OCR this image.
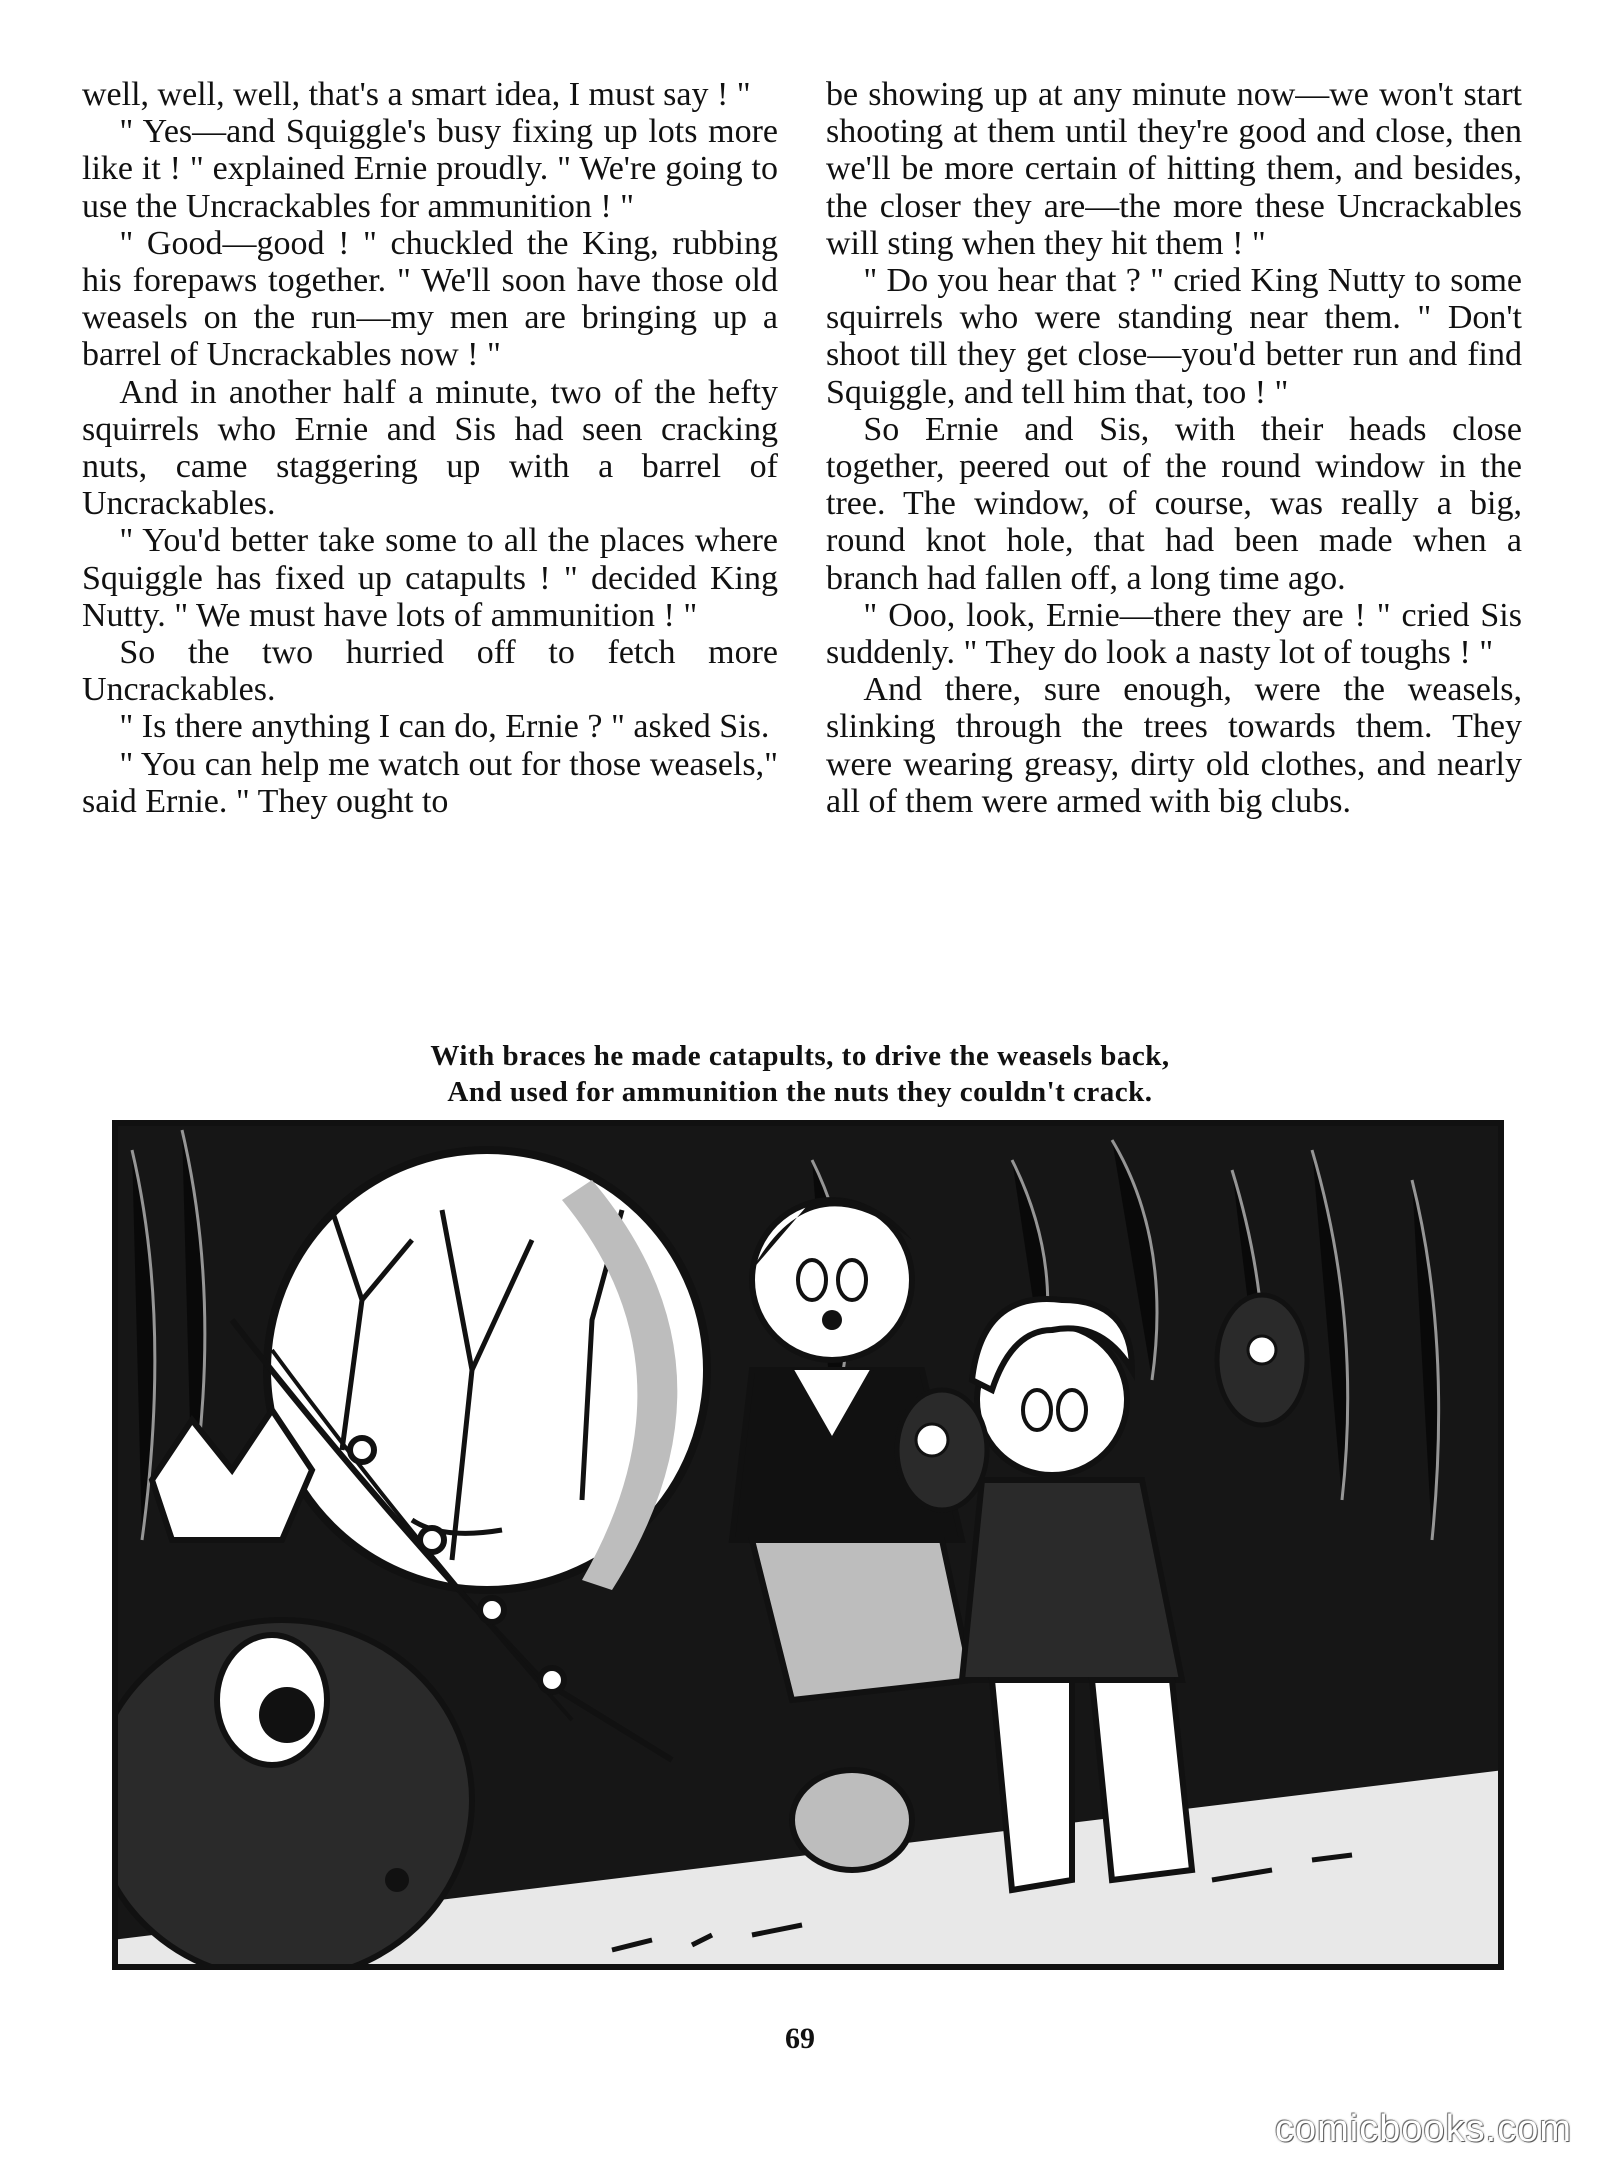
well, well, well, that's a smart idea, I must say ! "

" Yes—and Squiggle's busy fixing up lots more like it ! " explained Ernie proudly. " We're going to use the Uncrackables for ammunition ! "

" Good—good ! " chuckled the King, rubbing his forepaws together. " We'll soon have those old weasels on the run—my men are bringing up a barrel of Uncrackables now ! "

And in another half a minute, two of the hefty squirrels who Ernie and Sis had seen cracking nuts, came staggering up with a barrel of Uncrackables.

" You'd better take some to all the places where Squiggle has fixed up catapults ! " decided King Nutty. " We must have lots of ammunition ! "

So the two hurried off to fetch more Uncrackables.

" Is there anything I can do, Ernie ? " asked Sis.

" You can help me watch out for those weasels," said Ernie. " They ought to

be showing up at any minute now—we won't start shooting at them until they're good and close, then we'll be more certain of hitting them, and besides, the closer they are—the more these Uncrackables will sting when they hit them ! "

" Do you hear that ? " cried King Nutty to some squirrels who were standing near them. " Don't shoot till they get close—you'd better run and find Squiggle, and tell him that, too ! "

So Ernie and Sis, with their heads close together, peered out of the round window in the tree. The window, of course, was really a big, round knot hole, that had been made when a branch had fallen off, a long time ago.

" Ooo, look, Ernie—there they are ! " cried Sis suddenly. " They do look a nasty lot of toughs ! "

And there, sure enough, were the weasels, slinking through the trees towards them. They were wearing greasy, dirty old clothes, and nearly all of them were armed with big clubs.

With braces he made catapults, to drive the weasels back,
And used for ammunition the nuts they couldn't crack.
69
comicbooks.com
